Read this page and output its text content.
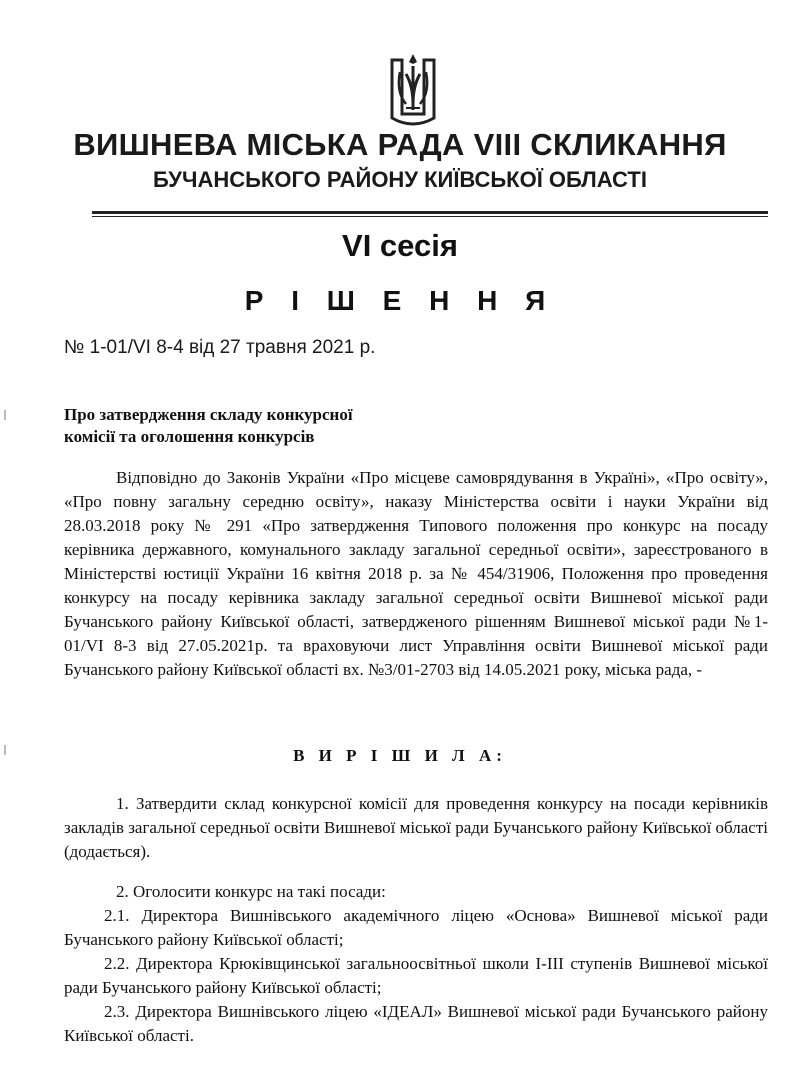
ВИШНЕВА МІСЬКА РАДА VIII СКЛИКАННЯ
БУЧАНСЬКОГО РАЙОНУ КИЇВСЬКОЇ ОБЛАСТІ
VI сесія
Р І Ш Е Н Н Я
№ 1-01/VI 8-4 від 27 травня 2021 р.
Про затвердження складу конкурсної
комісії та оголошення конкурсів
Відповідно до Законів України «Про місцеве самоврядування в Україні», «Про освіту», «Про повну загальну середню освіту», наказу Міністерства освіти і науки України від 28.03.2018 року № 291 «Про затвердження Типового положення про конкурс на посаду керівника державного, комунального закладу загальної середньої освіти», зареєстрованого в Міністерстві юстиції України 16 квітня 2018 р. за № 454/31906, Положення про проведення конкурсу на посаду керівника закладу загальної середньої освіти Вишневої міської ради Бучанського району Київської області, затвердженого рішенням Вишневої міської ради №1-01/VI 8-3 від 27.05.2021р. та враховуючи лист Управління освіти Вишневої міської ради Бучанського району Київської області вх. №3/01-2703 від 14.05.2021 року, міська рада, -
В И Р І Ш И Л А:
1. Затвердити склад конкурсної комісії для проведення конкурсу на посади керівників закладів загальної середньої освіти Вишневої міської ради Бучанського району Київської області (додається).
2. Оголосити конкурс на такі посади:
2.1. Директора Вишнівського академічного ліцею «Основа» Вишневої міської ради Бучанського району Київської області;
2.2. Директора Крюківщинської загальноосвітньої школи І-ІІІ ступенів Вишневої міської ради Бучанського району Київської області;
2.3. Директора Вишнівського ліцею «ІДЕАЛ» Вишневої міської ради Бучанського району Київської області.
